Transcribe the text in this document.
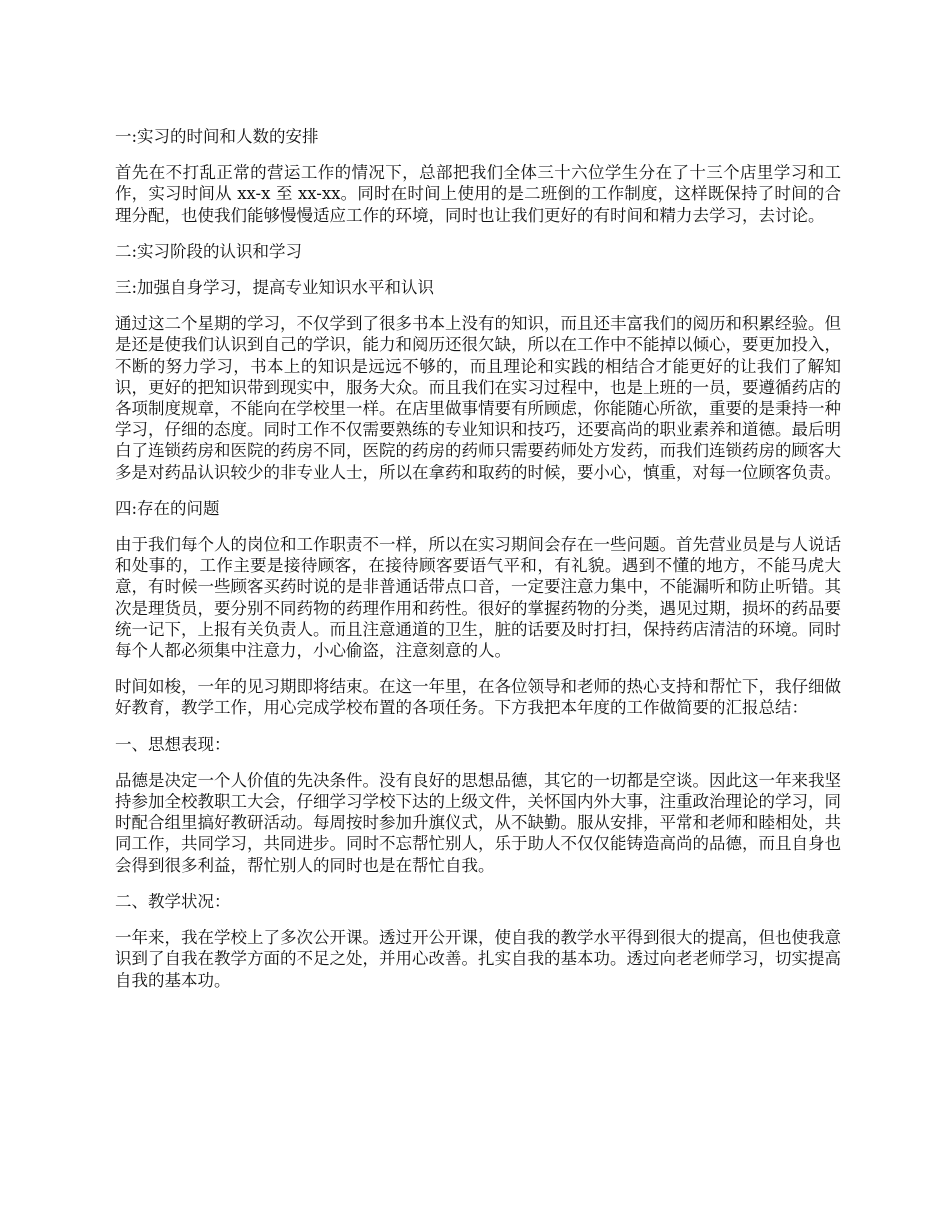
一:实习的时间和人数的安排

首先在不打乱正常的营运工作的情况下，总部把我们全体三十六位学生分在了十三个店里学习和工作，实习时间从 xx-x 至 xx-xx。同时在时间上使用的是二班倒的工作制度，这样既保持了时间的合理分配，也使我们能够慢慢适应工作的环境，同时也让我们更好的有时间和精力去学习，去讨论。

二:实习阶段的认识和学习

三:加强自身学习，提高专业知识水平和认识

通过这二个星期的学习，不仅学到了很多书本上没有的知识，而且还丰富我们的阅历和积累经验。但是还是使我们认识到自己的学识，能力和阅历还很欠缺，所以在工作中不能掉以倾心，要更加投入，不断的努力学习，书本上的知识是远远不够的，而且理论和实践的相结合才能更好的让我们了解知识，更好的把知识带到现实中，服务大众。而且我们在实习过程中，也是上班的一员，要遵循药店的各项制度规章，不能向在学校里一样。在店里做事情要有所顾虑，你能随心所欲，重要的是秉持一种学习，仔细的态度。同时工作不仅需要熟练的专业知识和技巧，还要高尚的职业素养和道德。最后明白了连锁药房和医院的药房不同，医院的药房的药师只需要药师处方发药，而我们连锁药房的顾客大多是对药品认识较少的非专业人士，所以在拿药和取药的时候，要小心，慎重，对每一位顾客负责。

四:存在的问题

由于我们每个人的岗位和工作职责不一样，所以在实习期间会存在一些问题。首先营业员是与人说话和处事的，工作主要是接待顾客，在接待顾客要语气平和，有礼貌。遇到不懂的地方，不能马虎大意，有时候一些顾客买药时说的是非普通话带点口音，一定要注意力集中，不能漏听和防止听错。其次是理货员，要分别不同药物的药理作用和药性。很好的掌握药物的分类，遇见过期，损坏的药品要统一记下，上报有关负责人。而且注意通道的卫生，脏的话要及时打扫，保持药店清洁的环境。同时每个人都必须集中注意力，小心偷盗，注意刻意的人。

时间如梭，一年的见习期即将结束。在这一年里，在各位领导和老师的热心支持和帮忙下，我仔细做好教育，教学工作，用心完成学校布置的各项任务。下方我把本年度的工作做简要的汇报总结：

一、思想表现：

品德是决定一个人价值的先决条件。没有良好的思想品德，其它的一切都是空谈。因此这一年来我坚持参加全校教职工大会，仔细学习学校下达的上级文件，关怀国内外大事，注重政治理论的学习，同时配合组里搞好教研活动。每周按时参加升旗仪式，从不缺勤。服从安排，平常和老师和睦相处，共同工作，共同学习，共同进步。同时不忘帮忙别人，乐于助人不仅仅能铸造高尚的品德，而且自身也会得到很多利益，帮忙别人的同时也是在帮忙自我。

二、教学状况：

一年来，我在学校上了多次公开课。透过开公开课，使自我的教学水平得到很大的提高，但也使我意识到了自我在教学方面的不足之处，并用心改善。扎实自我的基本功。透过向老老师学习，切实提高自我的基本功。
